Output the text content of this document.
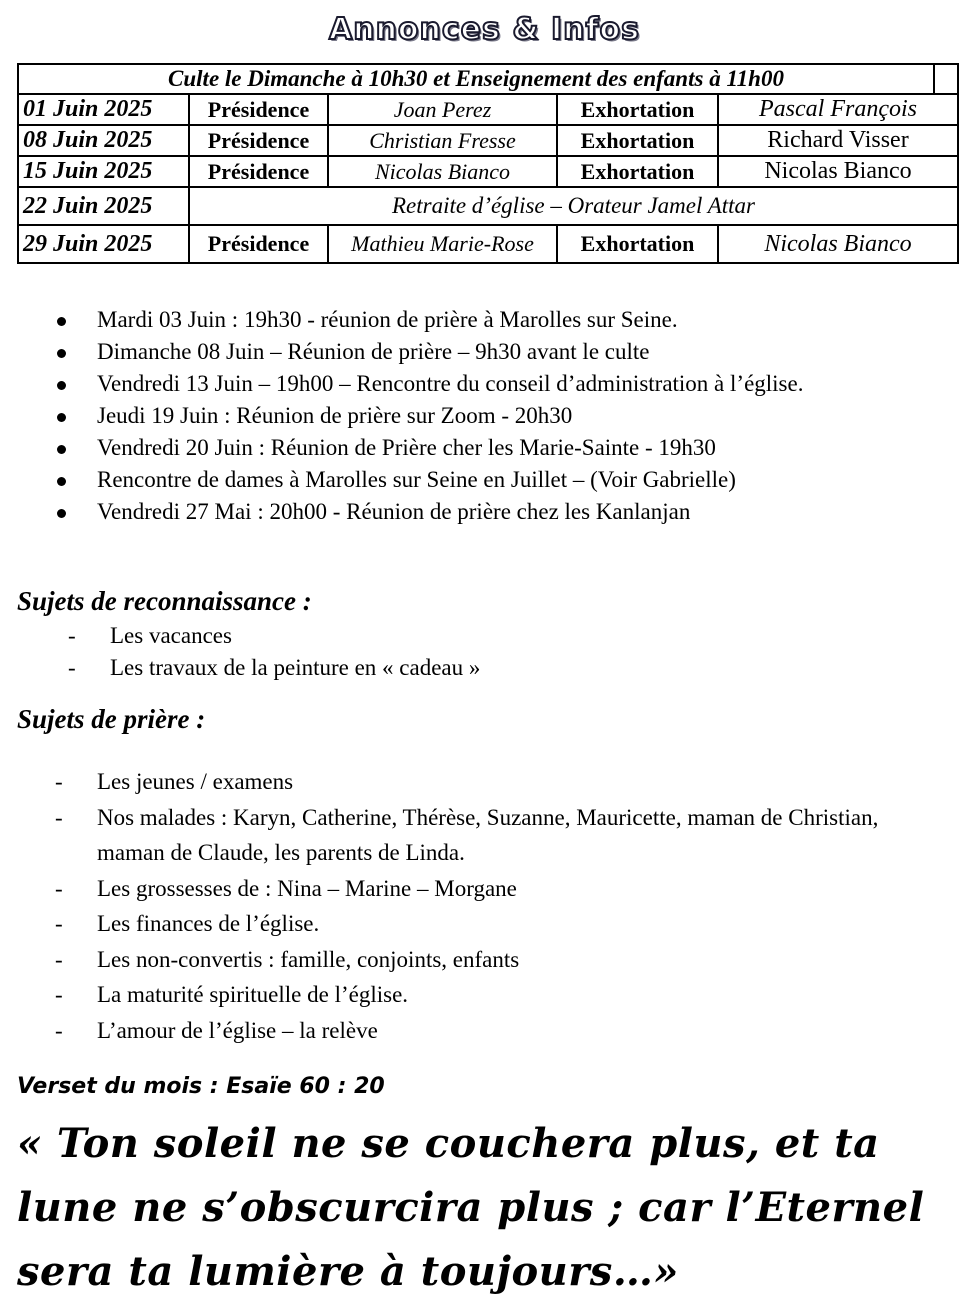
Annonces & Infos
Culte le Dimanche à 10h30 et Enseignement des enfants à 11h00					
01 Juin 2025	Présidence	Joan Perez	Exhortation	Pascal François	
08 Juin 2025	Présidence	Christian Fresse	Exhortation	Richard Visser	
15 Juin 2025	Présidence	Nicolas Bianco	Exhortation	Nicolas Bianco	
22 Juin 2025	Retraite d’église – Orateur Jamel Attar				
29 Juin 2025	Présidence	Mathieu Marie-Rose	Exhortation	Nicolas Bianco	
Mardi 03 Juin : 19h30 - réunion de prière à Marolles sur Seine.
Dimanche 08 Juin – Réunion de prière – 9h30 avant le culte
Vendredi 13 Juin – 19h00 – Rencontre du conseil d’administration à l’église.
Jeudi 19 Juin : Réunion de prière sur Zoom - 20h30
Vendredi 20 Juin : Réunion de Prière cher les Marie-Sainte - 19h30
Rencontre de dames à Marolles sur Seine en Juillet – (Voir Gabrielle)
Vendredi 27 Mai : 20h00 - Réunion de prière chez les Kanlanjan
Sujets de reconnaissance :
- Les vacances
- Les travaux de la peinture en « cadeau »
Sujets de prière :
- Les jeunes / examens
- Nos malades : Karyn, Catherine, Thérèse, Suzanne, Mauricette, maman de Christian, maman de Claude, les parents de Linda.
- Les grossesses de : Nina – Marine – Morgane
- Les finances de l’église.
- Les non-convertis : famille, conjoints, enfants
- La maturité spirituelle de l’église.
- L’amour de l’église – la relève
Verset du mois : Esaïe 60 : 20
« Ton soleil ne se couchera plus, et ta lune ne s’obscurcira plus ; car l’Eternel sera ta lumière à toujours…»
